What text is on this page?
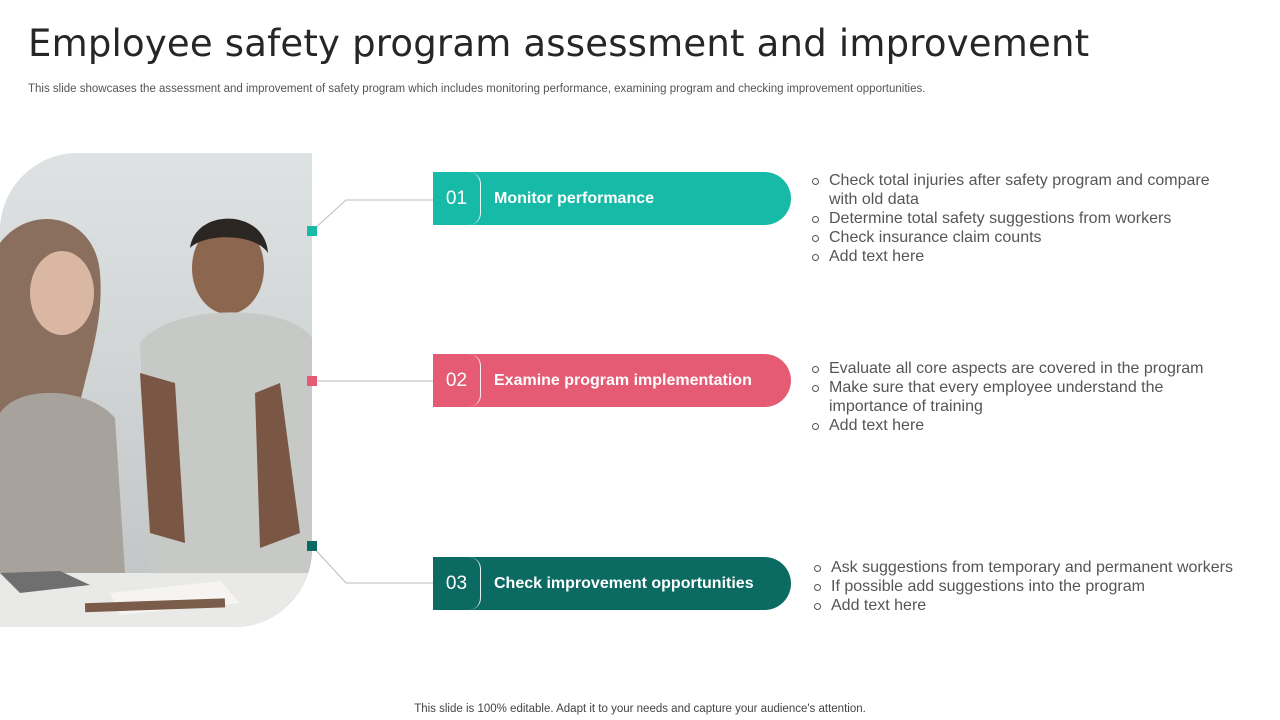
Employee safety program assessment and improvement
This slide showcases the assessment and improvement of safety program which includes monitoring performance, examining program and checking improvement opportunities.
01	Monitor performance
Check total injuries after safety program and compare with old data
Determine total safety suggestions from workers
Check insurance claim counts
Add text here
02	Examine program implementation
Evaluate all core aspects are covered in the program
Make sure that every employee understand the importance of training
Add text here
03	Check improvement opportunities
Ask suggestions from temporary and permanent workers
If possible add suggestions into the program
Add text here
This slide is 100% editable. Adapt it to your needs and capture your audience's attention.
